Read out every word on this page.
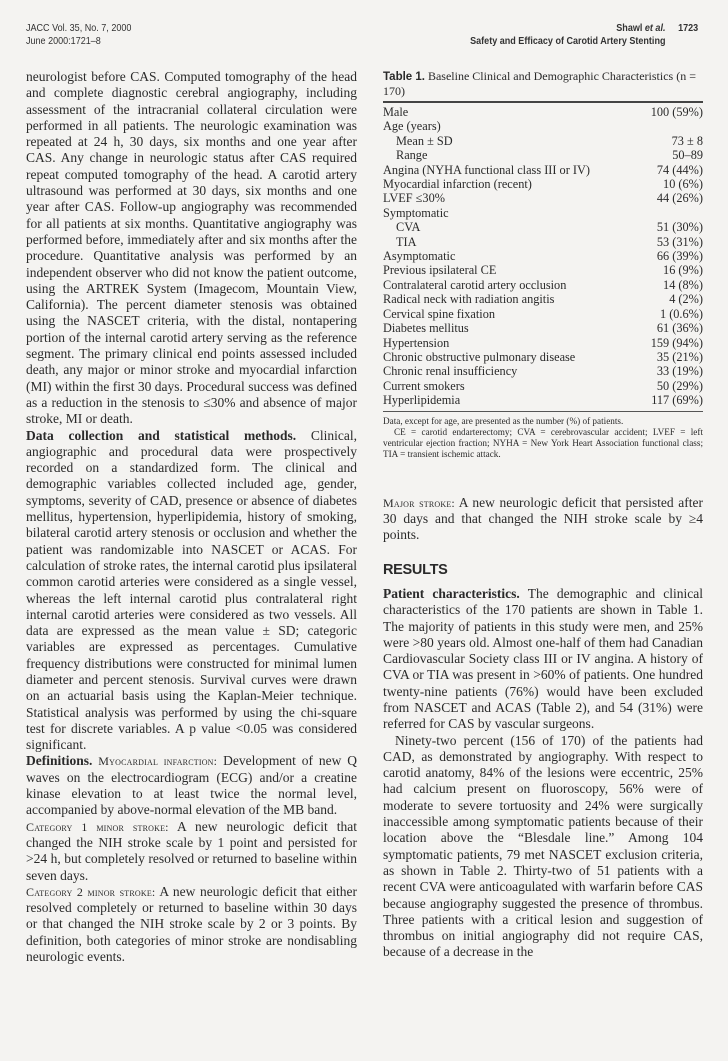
JACC Vol. 35, No. 7, 2000
June 2000:1721–8
Shawl et al. 1723
Safety and Efficacy of Carotid Artery Stenting

neurologist before CAS. Computed tomography of the head and complete diagnostic cerebral angiography, including assessment of the intracranial collateral circulation were performed in all patients. The neurologic examination was repeated at 24 h, 30 days, six months and one year after CAS. Any change in neurologic status after CAS required repeat computed tomography of the head. A carotid artery ultrasound was performed at 30 days, six months and one year after CAS. Follow-up angiography was recommended for all patients at six months. Quantitative angiography was performed before, immediately after and six months after the procedure. Quantitative analysis was performed by an independent observer who did not know the patient outcome, using the ARTREK System (Imagecom, Mountain View, California). The percent diameter stenosis was obtained using the NASCET criteria, with the distal, nontapering portion of the internal carotid artery serving as the reference segment. The primary clinical end points assessed included death, any major or minor stroke and myocardial infarction (MI) within the first 30 days. Procedural success was defined as a reduction in the stenosis to ≤30% and absence of major stroke, MI or death.

Data collection and statistical methods. Clinical, angiographic and procedural data were prospectively recorded on a standardized form. The clinical and demographic variables collected included age, gender, symptoms, severity of CAD, presence or absence of diabetes mellitus, hypertension, hyperlipidemia, history of smoking, bilateral carotid artery stenosis or occlusion and whether the patient was randomizable into NASCET or ACAS. For calculation of stroke rates, the internal carotid plus ipsilateral common carotid arteries were considered as a single vessel, whereas the left internal carotid plus contralateral right internal carotid arteries were considered as two vessels. All data are expressed as the mean value ± SD; categoric variables are expressed as percentages. Cumulative frequency distributions were constructed for minimal lumen diameter and percent stenosis. Survival curves were drawn on an actuarial basis using the Kaplan-Meier technique. Statistical analysis was performed by using the chi-square test for discrete variables. A p value <0.05 was considered significant.

Definitions. Myocardial infarction: Development of new Q waves on the electrocardiogram (ECG) and/or a creatine kinase elevation to at least twice the normal level, accompanied by above-normal elevation of the MB band.

Category 1 minor stroke: A new neurologic deficit that changed the NIH stroke scale by 1 point and persisted for >24 h, but completely resolved or returned to baseline within seven days.

Category 2 minor stroke: A new neurologic deficit that either resolved completely or returned to baseline within 30 days or that changed the NIH stroke scale by 2 or 3 points. By definition, both categories of minor stroke are nondisabling neurologic events.

Table 1. Baseline Clinical and Demographic Characteristics (n = 170)
Male	100 (59%)
Age (years)	
Mean ± SD	73 ± 8
Range	50–89
Angina (NYHA functional class III or IV)	74 (44%)
Myocardial infarction (recent)	10 (6%)
LVEF ≤30%	44 (26%)
Symptomatic	
CVA	51 (30%)
TIA	53 (31%)
Asymptomatic	66 (39%)
Previous ipsilateral CE	16 (9%)
Contralateral carotid artery occlusion	14 (8%)
Radical neck with radiation angitis	4 (2%)
Cervical spine fixation	1 (0.6%)
Diabetes mellitus	61 (36%)
Hypertension	159 (94%)
Chronic obstructive pulmonary disease	35 (21%)
Chronic renal insufficiency	33 (19%)
Current smokers	50 (29%)
Hyperlipidemia	117 (69%)

Data, except for age, are presented as the number (%) of patients.

CE = carotid endarterectomy; CVA = cerebrovascular accident; LVEF = left ventricular ejection fraction; NYHA = New York Heart Association functional class; TIA = transient ischemic attack.

Major stroke: A new neurologic deficit that persisted after 30 days and that changed the NIH stroke scale by ≥4 points.

RESULTS

Patient characteristics. The demographic and clinical characteristics of the 170 patients are shown in Table 1. The majority of patients in this study were men, and 25% were >80 years old. Almost one-half of them had Canadian Cardiovascular Society class III or IV angina. A history of CVA or TIA was present in >60% of patients. One hundred twenty-nine patients (76%) would have been excluded from NASCET and ACAS (Table 2), and 54 (31%) were referred for CAS by vascular surgeons.

Ninety-two percent (156 of 170) of the patients had CAD, as demonstrated by angiography. With respect to carotid anatomy, 84% of the lesions were eccentric, 25% had calcium present on fluoroscopy, 56% were of moderate to severe tortuosity and 24% were surgically inaccessible among symptomatic patients because of their location above the “Blesdale line.” Among 104 symptomatic patients, 79 met NASCET exclusion criteria, as shown in Table 2. Thirty-two of 51 patients with a recent CVA were anticoagulated with warfarin before CAS because angiography suggested the presence of thrombus. Three patients with a critical lesion and suggestion of thrombus on initial angiography did not require CAS, because of a decrease in the
